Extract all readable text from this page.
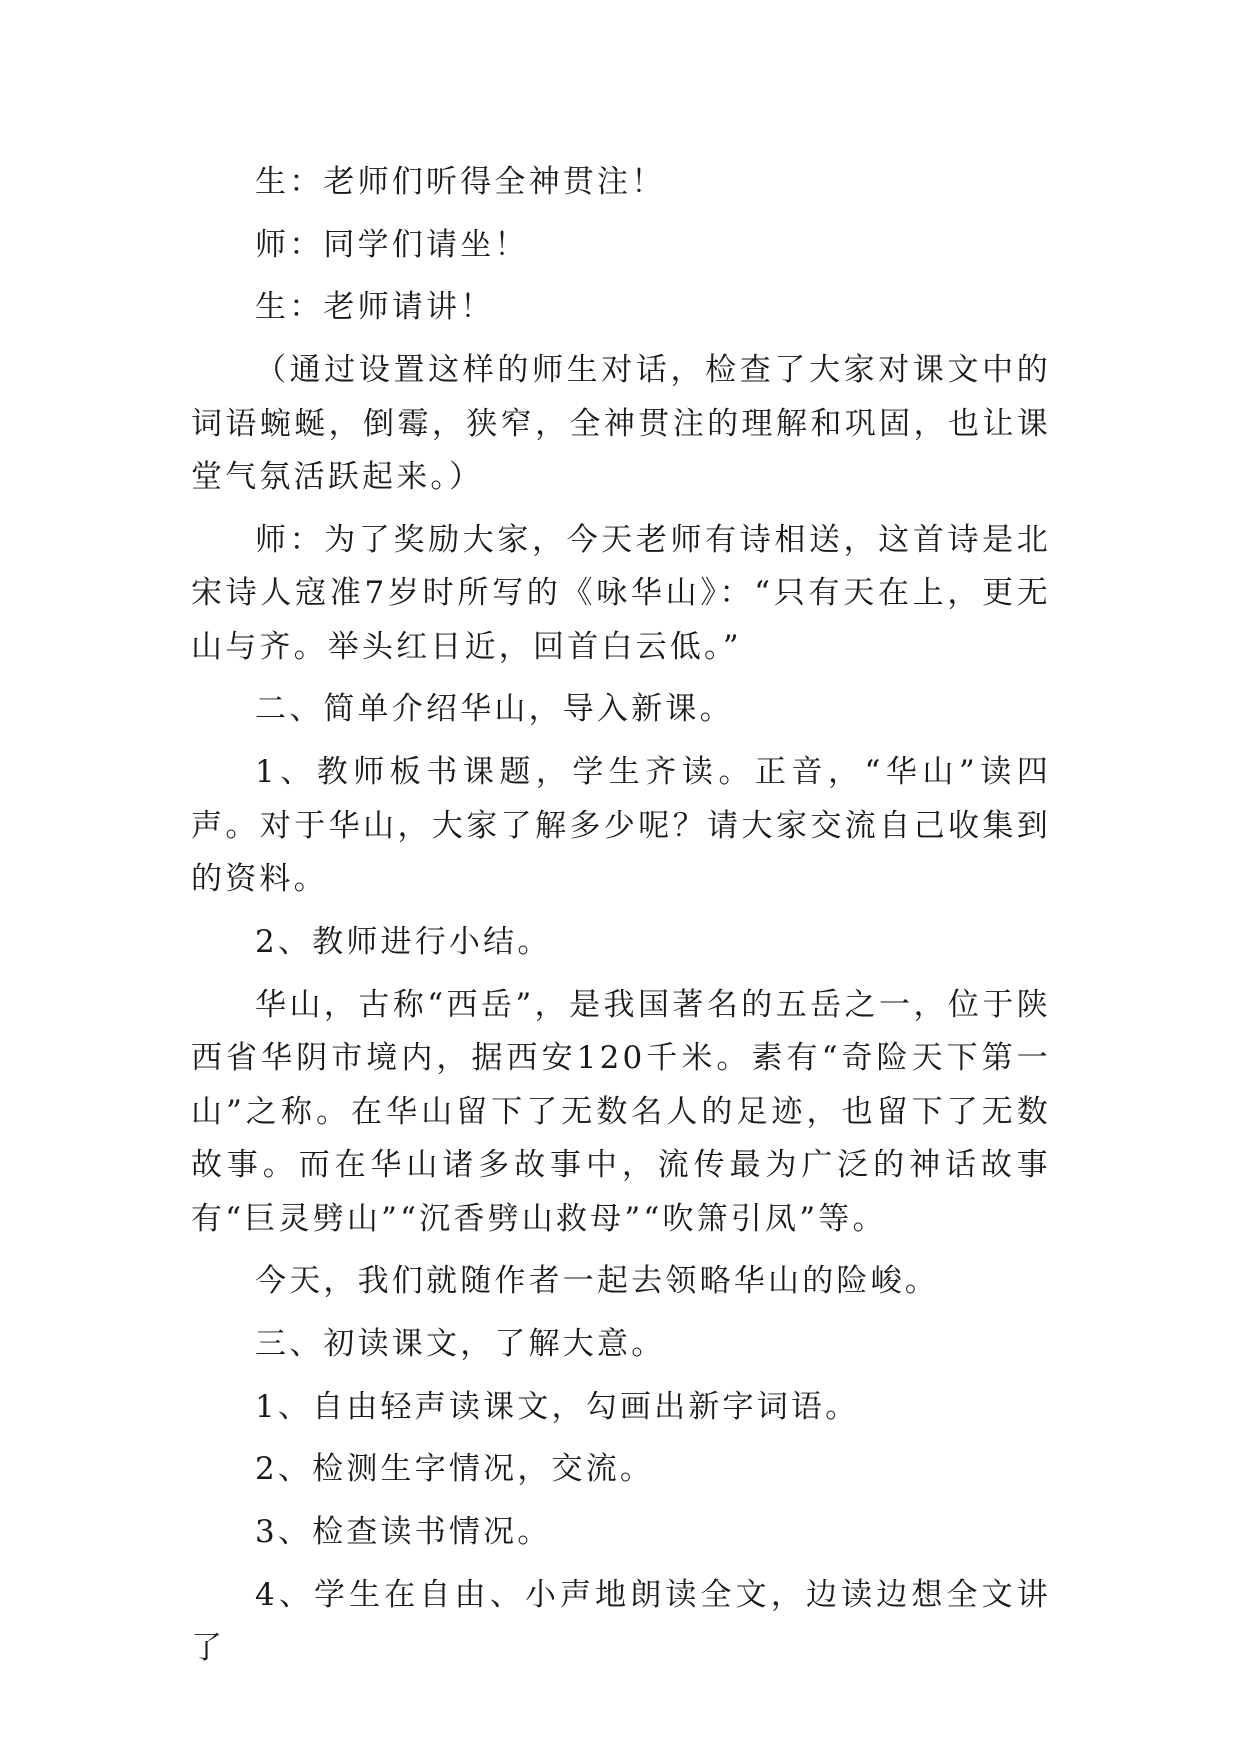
生：老师们听得全神贯注！

师：同学们请坐！

生：老师请讲！

（通过设置这样的师生对话，检查了大家对课文中的词语蜿蜒，倒霉，狭窄，全神贯注的理解和巩固，也让课堂气氛活跃起来。）

师：为了奖励大家，今天老师有诗相送，这首诗是北宋诗人寇准7岁时所写的《咏华山》：“只有天在上，更无山与齐。举头红日近，回首白云低。”

二、简单介绍华山，导入新课。

1、教师板书课题，学生齐读。正音，“华山”读四声。对于华山，大家了解多少呢？请大家交流自己收集到的资料。

2、教师进行小结。

华山，古称“西岳”，是我国著名的五岳之一，位于陕西省华阴市境内，据西安120千米。素有“奇险天下第一山”之称。在华山留下了无数名人的足迹，也留下了无数故事。而在华山诸多故事中，流传最为广泛的神话故事有“巨灵劈山”“沉香劈山救母”“吹箫引凤”等。

今天，我们就随作者一起去领略华山的险峻。

三、初读课文，了解大意。

1、自由轻声读课文，勾画出新字词语。

2、检测生字情况，交流。

3、检查读书情况。

4、学生在自由、小声地朗读全文，边读边想全文讲了
